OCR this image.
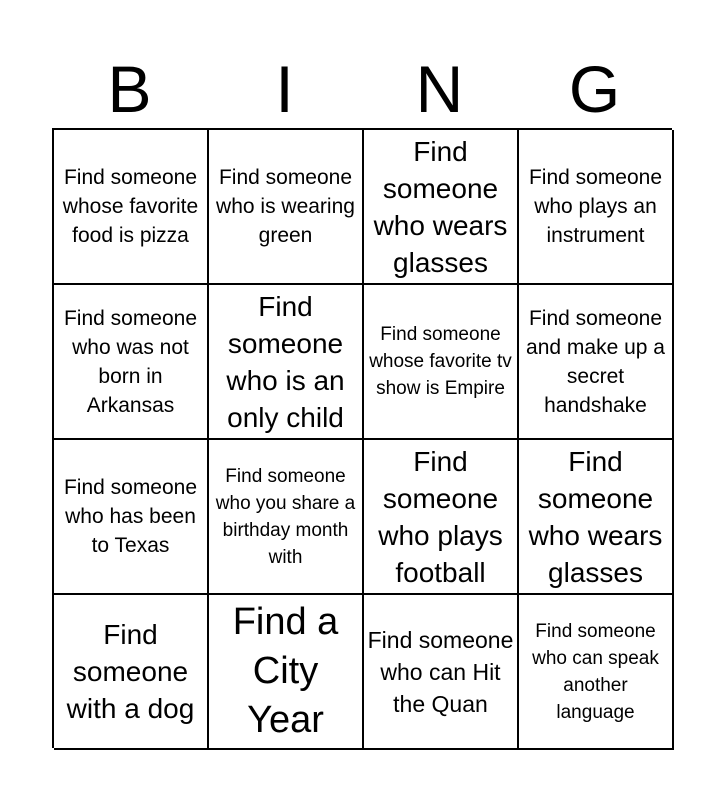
B	I	N	G
Find someone whose favorite food is pizza
Find someone who is wearing green
Find someone who wears glasses
Find someone who plays an instrument
Find someone who was not born in Arkansas
Find someone who is an only child
Find someone whose favorite tv show is Empire
Find someone and make up a secret handshake
Find someone who has been to Texas
Find someone who you share a birthday month with
Find someone who plays football
Find someone who wears glasses
Find someone with a dog
Find a City Year
Find someone who can Hit the Quan
Find someone who can speak another language
